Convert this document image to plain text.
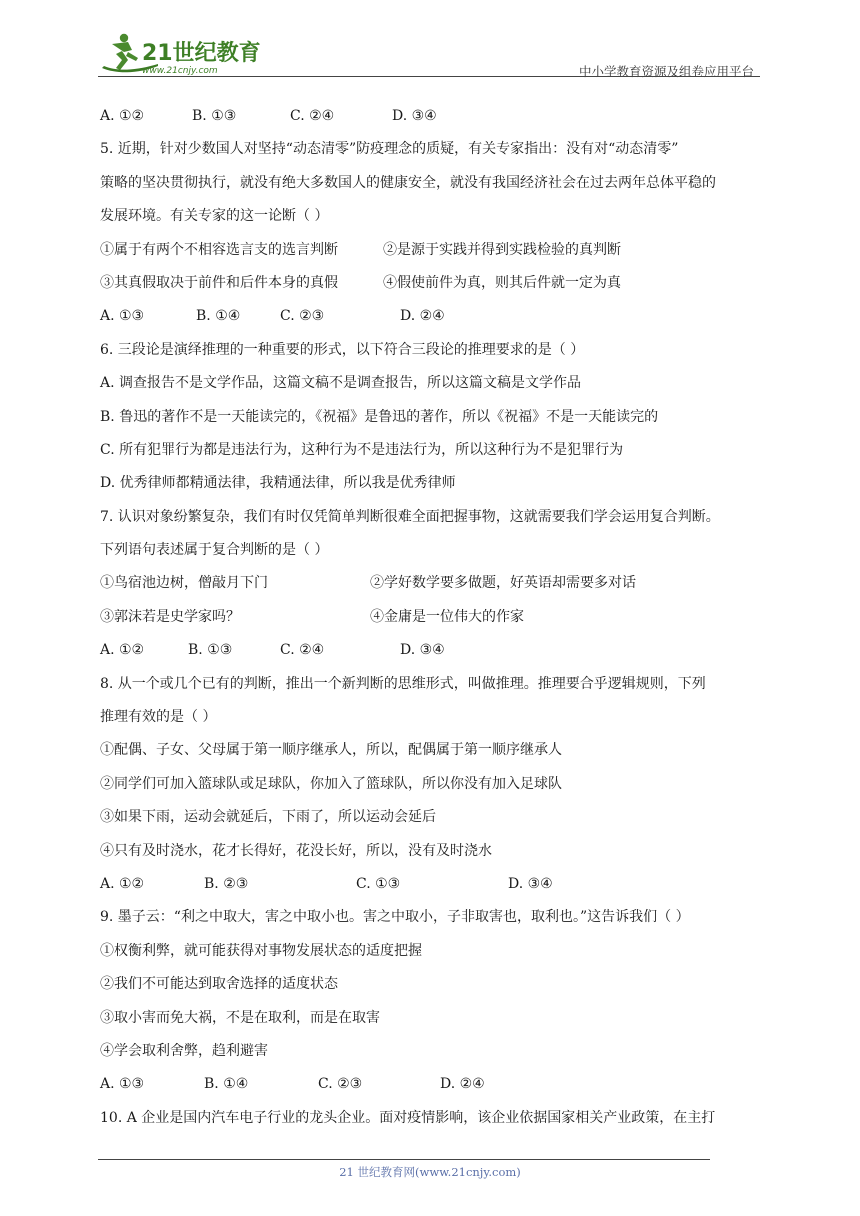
21世纪教育
www.21cnjy.com	中小学教育资源及组卷应用平台
A. ①②	B. ①③	C. ②④	D. ③④
5. 近期，针对少数国人对坚持“动态清零”防疫理念的质疑，有关专家指出：没有对“动态清零”
策略的坚决贯彻执行，就没有绝大多数国人的健康安全，就没有我国经济社会在过去两年总体平稳的
发展环境。有关专家的这一论断（ ）
①属于有两个不相容选言支的选言判断	②是源于实践并得到实践检验的真判断
③其真假取决于前件和后件本身的真假	④假使前件为真，则其后件就一定为真
A. ①③	B. ①④	C. ②③	D. ②④
6. 三段论是演绎推理的一种重要的形式，以下符合三段论的推理要求的是（ ）
A. 调查报告不是文学作品，这篇文稿不是调查报告，所以这篇文稿是文学作品
B. 鲁迅的著作不是一天能读完的，《祝福》是鲁迅的著作，所以《祝福》不是一天能读完的
C. 所有犯罪行为都是违法行为，这种行为不是违法行为，所以这种行为不是犯罪行为
D. 优秀律师都精通法律，我精通法律，所以我是优秀律师
7. 认识对象纷繁复杂，我们有时仅凭简单判断很难全面把握事物，这就需要我们学会运用复合判断。
下列语句表述属于复合判断的是（ ）
①鸟宿池边树，僧敲月下门	②学好数学要多做题，好英语却需要多对话
③郭沫若是史学家吗？	④金庸是一位伟大的作家
A. ①②	B. ①③	C. ②④	D. ③④
8. 从一个或几个已有的判断，推出一个新判断的思维形式，叫做推理。推理要合乎逻辑规则，下列
推理有效的是（ ）
①配偶、子女、父母属于第一顺序继承人，所以，配偶属于第一顺序继承人
②同学们可加入篮球队或足球队，你加入了篮球队，所以你没有加入足球队
③如果下雨，运动会就延后，下雨了，所以运动会延后
④只有及时浇水，花才长得好，花没长好，所以，没有及时浇水
A. ①②	B. ②③	C. ①③	D. ③④
9. 墨子云：“利之中取大，害之中取小也。害之中取小，子非取害也，取利也。”这告诉我们（ ）
①权衡利弊，就可能获得对事物发展状态的适度把握
②我们不可能达到取舍选择的适度状态
③取小害而免大祸，不是在取利，而是在取害
④学会取利舍弊，趋利避害
A. ①③	B. ①④	C. ②③	D. ②④
10. A 企业是国内汽车电子行业的龙头企业。面对疫情影响，该企业依据国家相关产业政策，在主打
21 世纪教育网(www.21cnjy.com)
